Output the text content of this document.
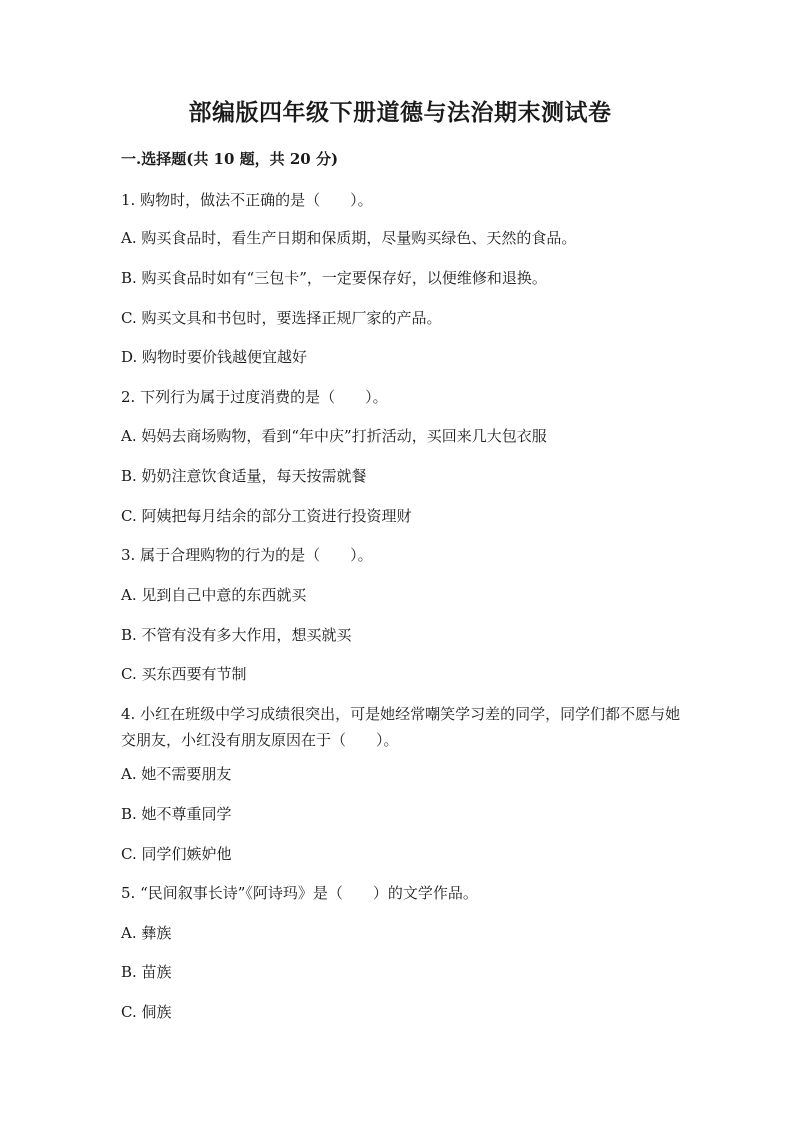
部编版四年级下册道德与法治期末测试卷
一.选择题(共 10 题，共 20 分)
1. 购物时，做法不正确的是（　　）。
A. 购买食品时，看生产日期和保质期，尽量购买绿色、天然的食品。
B. 购买食品时如有“三包卡”，一定要保存好，以便维修和退换。
C. 购买文具和书包时，要选择正规厂家的产品。
D. 购物时要价钱越便宜越好
2. 下列行为属于过度消费的是（　　）。
A. 妈妈去商场购物，看到“年中庆”打折活动，买回来几大包衣服
B. 奶奶注意饮食适量，每天按需就餐
C. 阿姨把每月结余的部分工资进行投资理财
3. 属于合理购物的行为的是（　　）。
A. 见到自己中意的东西就买
B. 不管有没有多大作用，想买就买
C. 买东西要有节制
4. 小红在班级中学习成绩很突出，可是她经常嘲笑学习差的同学，同学们都不愿与她交朋友，小红没有朋友原因在于（　　）。
A. 她不需要朋友
B. 她不尊重同学
C. 同学们嫉妒他
5. “民间叙事长诗”《阿诗玛》是（　　）的文学作品。
A. 彝族
B. 苗族
C. 侗族
